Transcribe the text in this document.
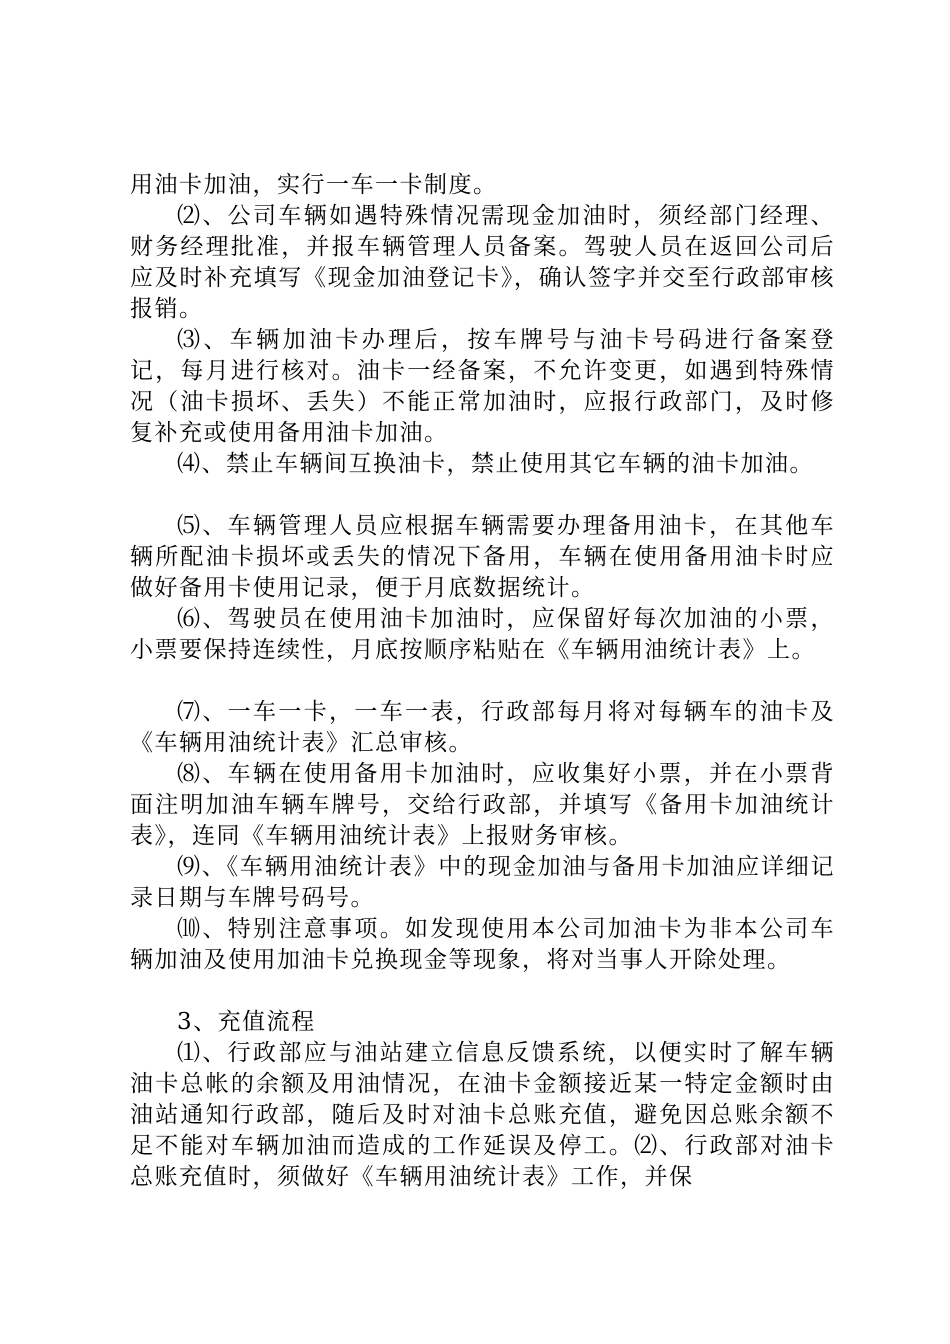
用油卡加油，实行一车一卡制度。

⑵、公司车辆如遇特殊情况需现金加油时，须经部门经理、财务经理批准，并报车辆管理人员备案。驾驶人员在返回公司后应及时补充填写《现金加油登记卡》，确认签字并交至行政部审核报销。

⑶、车辆加油卡办理后，按车牌号与油卡号码进行备案登记，每月进行核对。油卡一经备案，不允许变更，如遇到特殊情况（油卡损坏、丢失）不能正常加油时，应报行政部门，及时修复补充或使用备用油卡加油。

⑷、禁止车辆间互换油卡，禁止使用其它车辆的油卡加油。

⑸、车辆管理人员应根据车辆需要办理备用油卡，在其他车辆所配油卡损坏或丢失的情况下备用，车辆在使用备用油卡时应做好备用卡使用记录，便于月底数据统计。

⑹、驾驶员在使用油卡加油时，应保留好每次加油的小票，小票要保持连续性，月底按顺序粘贴在《车辆用油统计表》上。

⑺、一车一卡，一车一表，行政部每月将对每辆车的油卡及《车辆用油统计表》汇总审核。

⑻、车辆在使用备用卡加油时，应收集好小票，并在小票背面注明加油车辆车牌号，交给行政部，并填写《备用卡加油统计表》，连同《车辆用油统计表》上报财务审核。

⑼、《车辆用油统计表》中的现金加油与备用卡加油应详细记录日期与车牌号码号。

⑽、特别注意事项。如发现使用本公司加油卡为非本公司车辆加油及使用加油卡兑换现金等现象，将对当事人开除处理。

3、充值流程

⑴、行政部应与油站建立信息反馈系统，以便实时了解车辆油卡总帐的余额及用油情况，在油卡金额接近某一特定金额时由油站通知行政部，随后及时对油卡总账充值，避免因总账余额不足不能对车辆加油而造成的工作延误及停工。⑵、行政部对油卡总账充值时，须做好《车辆用油统计表》工作，并保
